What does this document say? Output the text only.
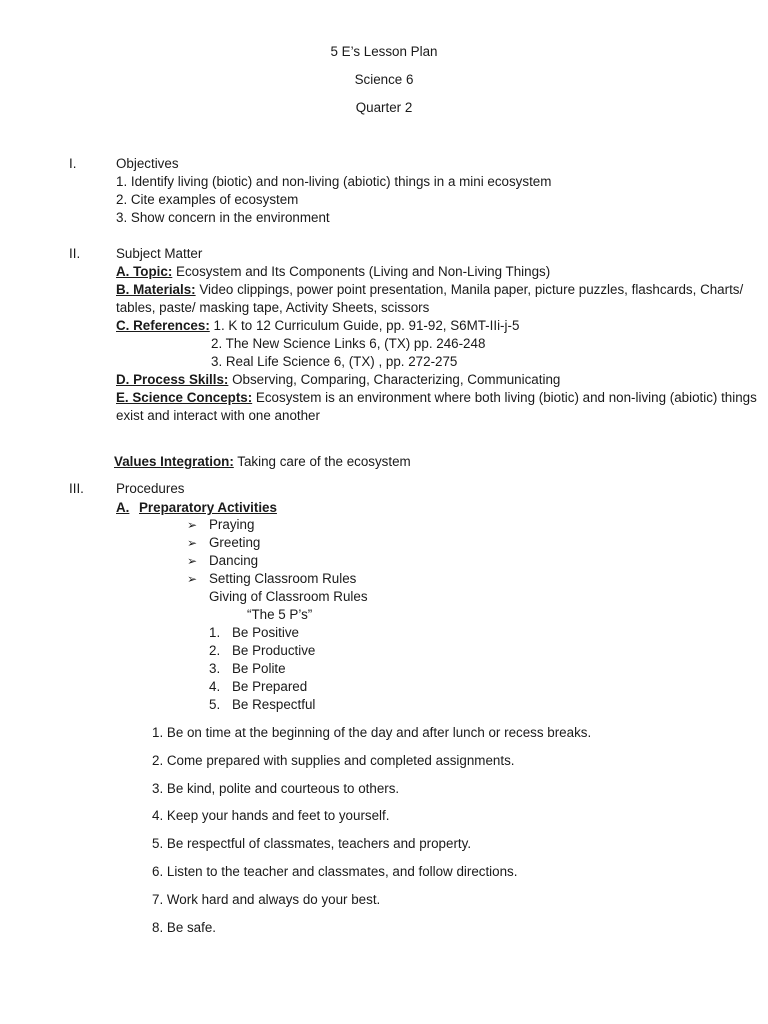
5 E’s Lesson Plan
Science 6
Quarter 2
I.	Objectives
1. Identify living (biotic) and non-living (abiotic) things in a mini ecosystem
2. Cite examples of ecosystem
3. Show concern in the environment
II.	Subject Matter
A. Topic: Ecosystem and Its Components (Living and Non-Living Things)
B. Materials: Video clippings, power point presentation, Manila paper, picture puzzles, flashcards, Charts/
tables, paste/ masking tape, Activity Sheets, scissors
C. References: 1. K to 12 Curriculum Guide, pp. 91-92, S6MT-IIi-j-5
2. The New Science Links 6, (TX) pp. 246-248
3. Real Life Science 6, (TX) , pp. 272-275
D. Process Skills: Observing, Comparing, Characterizing, Communicating
E. Science Concepts: Ecosystem is an environment where both living (biotic) and non-living (abiotic) things
exist and interact with one another
Values Integration: Taking care of the ecosystem
III. Procedures
A. Preparatory Activities
➢ Praying
➢ Greeting
➢ Dancing
➢ Setting Classroom Rules
Giving of Classroom Rules
“The 5 P’s”
1. Be Positive
2. Be Productive
3. Be Polite
4. Be Prepared
5. Be Respectful
1. Be on time at the beginning of the day and after lunch or recess breaks.
2. Come prepared with supplies and completed assignments.
3. Be kind, polite and courteous to others.
4. Keep your hands and feet to yourself.
5. Be respectful of classmates, teachers and property.
6. Listen to the teacher and classmates, and follow directions.
7. Work hard and always do your best.
8. Be safe.
